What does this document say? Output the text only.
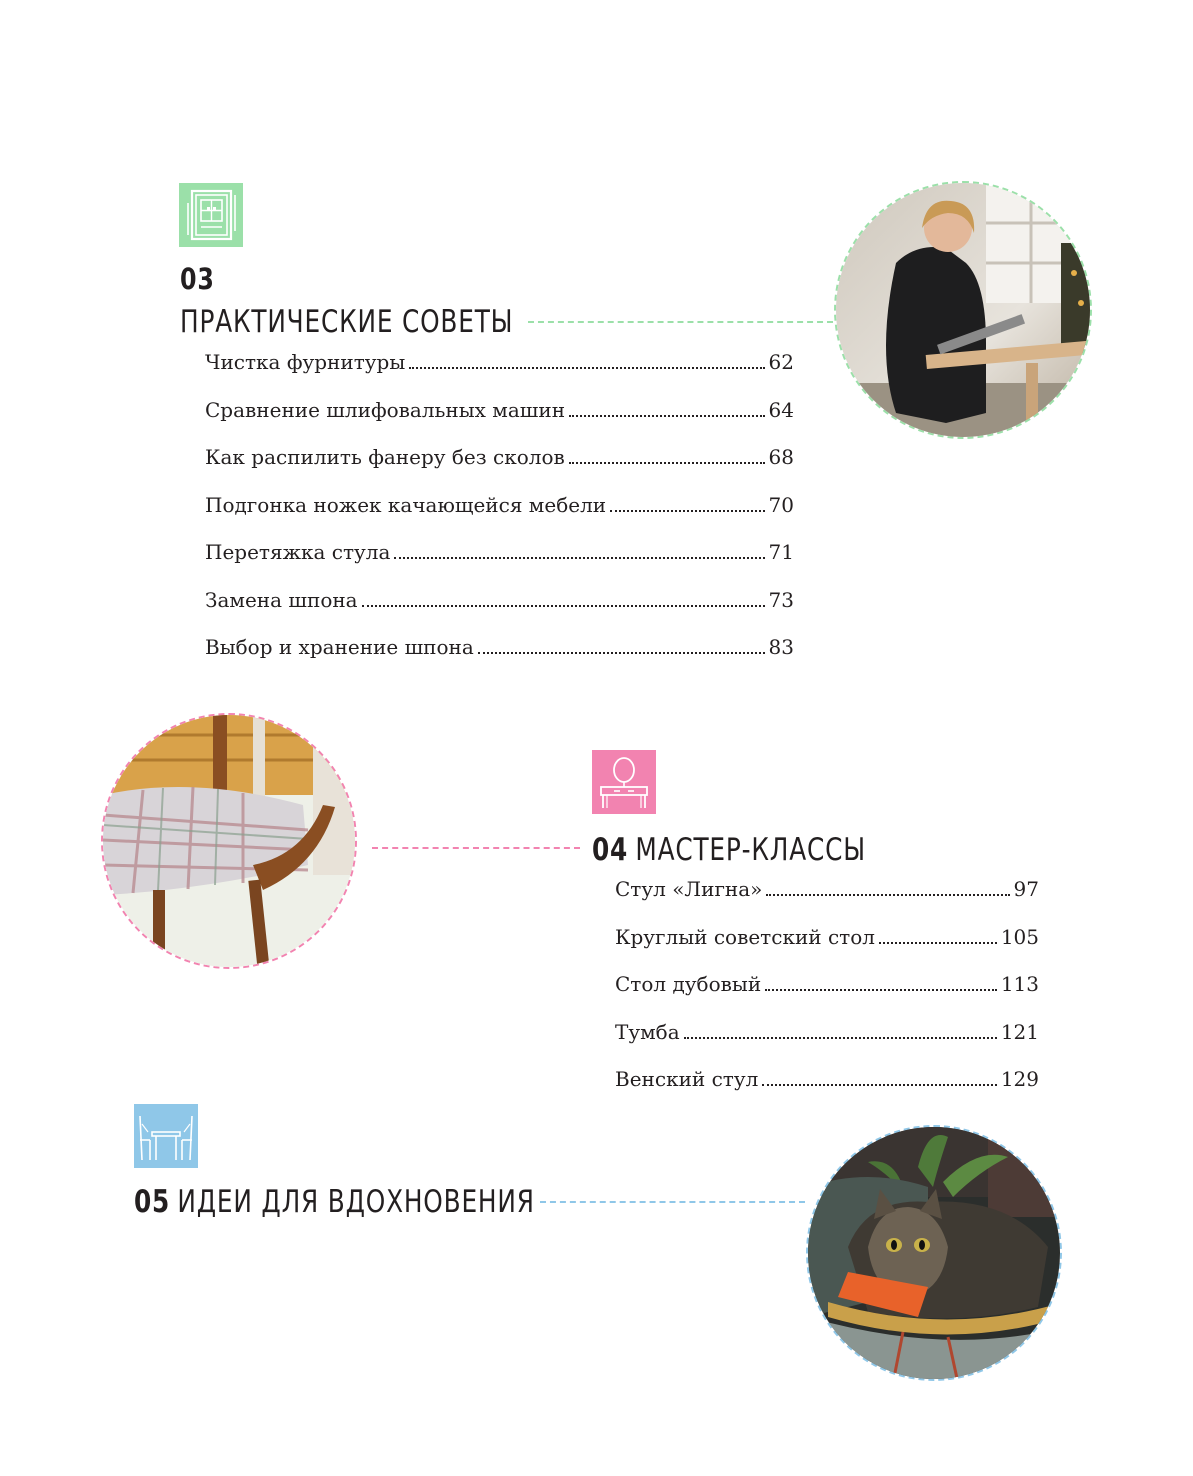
03
ПРАКТИЧЕСКИЕ СОВЕТЫ
Чистка фурнитуры	62
Сравнение шлифовальных машин	64
Как распилить фанеру без сколов	68
Подгонка ножек качающейся мебели	70
Перетяжка стула	71
Замена шпона	73
Выбор и хранение шпона	83
04 МАСТЕР-КЛАССЫ
Стул «Лигна»	97
Круглый советский стол	105
Стол дубовый	113
Тумба	121
Венский стул	129
05 ИДЕИ ДЛЯ ВДОХНОВЕНИЯ
